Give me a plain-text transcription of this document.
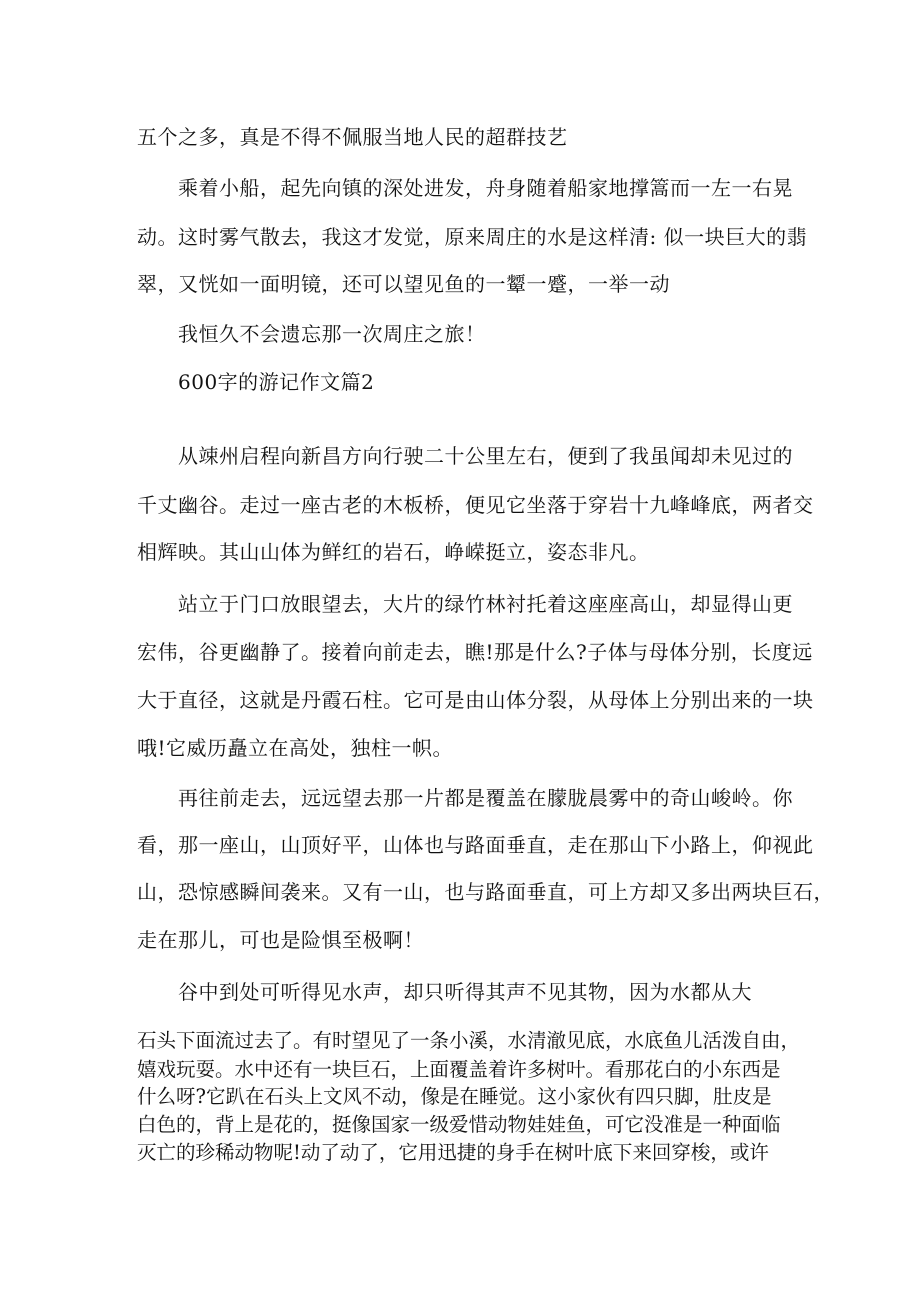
五个之多，真是不得不佩服当地人民的超群技艺
乘着小船，起先向镇的深处进发，舟身随着船家地撑篙而一左一右晃
动。这时雾气散去，我这才发觉，原来周庄的水是这样清: 似一块巨大的翡
翠，又恍如一面明镜，还可以望见鱼的一颦一蹙，一举一动
我恒久不会遗忘那一次周庄之旅！
600字的游记作文篇2
从竦州启程向新昌方向行驶二十公里左右，便到了我虽闻却未见过的
千丈幽谷。走过一座古老的木板桥，便见它坐落于穿岩十九峰峰底，两者交
相辉映。其山山体为鲜红的岩石，峥嵘挺立，姿态非凡。
站立于门口放眼望去，大片的绿竹林衬托着这座座高山，却显得山更
宏伟，谷更幽静了。接着向前走去，瞧!那是什么?子体与母体分别，长度远
大于直径，这就是丹霞石柱。它可是由山体分裂，从母体上分别出来的一块
哦!它威历矗立在高处，独柱一帜。
再往前走去，远远望去那一片都是覆盖在朦胧晨雾中的奇山峻岭。你
看，那一座山，山顶好平，山体也与路面垂直，走在那山下小路上，仰视此
山，恐惊感瞬间袭来。又有一山，也与路面垂直，可上方却又多出两块巨石，
走在那儿，可也是险惧至极啊！
谷中到处可听得见水声，却只听得其声不见其物，因为水都从大
石头下面流过去了。有时望见了一条小溪，水清澈见底，水底鱼儿活泼自由，
嬉戏玩耍。水中还有一块巨石，上面覆盖着许多树叶。看那花白的小东西是
什么呀?它趴在石头上文风不动，像是在睡觉。这小家伙有四只脚，肚皮是
白色的，背上是花的，挺像国家一级爱惜动物娃娃鱼，可它没准是一种面临
灭亡的珍稀动物呢!动了动了，它用迅捷的身手在树叶底下来回穿梭，或许
